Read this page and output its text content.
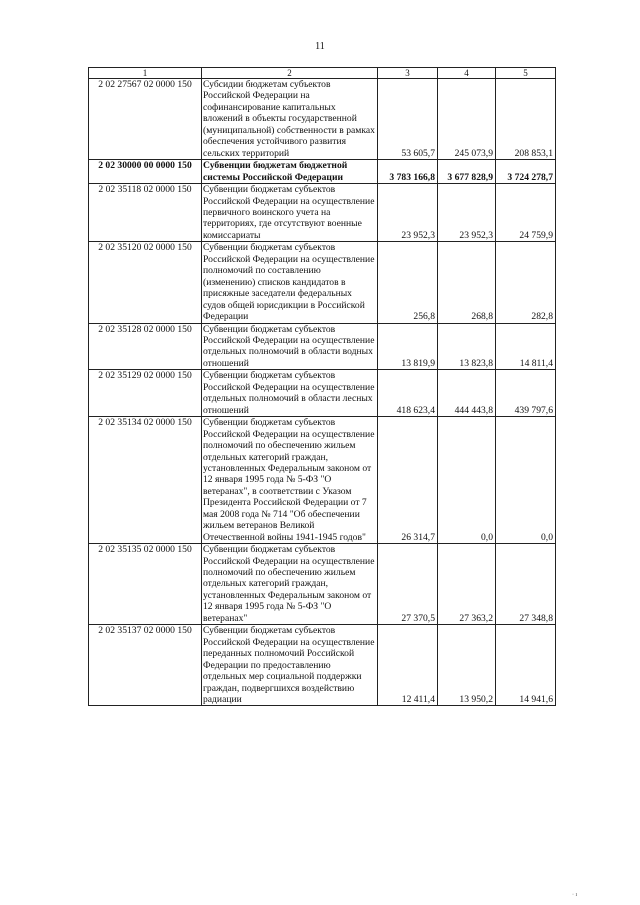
11
1	2	3	4	5
2 02 27567 02 0000 150	Субсидии бюджетам субъектов Российской Федерации на софинансирование капитальных вложений в объекты государственной (муниципальной) собственности в рамках обеспечения устойчивого развития сельских территорий	53 605,7	245 073,9	208 853,1
2 02 30000 00 0000 150	Субвенции бюджетам бюджетной системы Российской Федерации	3 783 166,8	3 677 828,9	3 724 278,7
2 02 35118 02 0000 150	Субвенции бюджетам субъектов Российской Федерации на осуществление первичного воинского учета на территориях, где отсутствуют военные комиссариаты	23 952,3	23 952,3	24 759,9
2 02 35120 02 0000 150	Субвенции бюджетам субъектов Российской Федерации на осуществление полномочий по составлению (изменению) списков кандидатов в присяжные заседатели федеральных судов общей юрисдикции в Российской Федерации	256,8	268,8	282,8
2 02 35128 02 0000 150	Субвенции бюджетам субъектов Российской Федерации на осуществление отдельных полномочий в области водных отношений	13 819,9	13 823,8	14 811,4
2 02 35129 02 0000 150	Субвенции бюджетам субъектов Российской Федерации на осуществление отдельных полномочий в области лесных отношений	418 623,4	444 443,8	439 797,6
2 02 35134 02 0000 150	Субвенции бюджетам субъектов Российской Федерации на осуществление полномочий по обеспечению жильем отдельных категорий граждан, установленных Федеральным законом от 12 января 1995 года № 5-ФЗ "О ветеранах", в соответствии с Указом Президента Российской Федерации от 7 мая 2008 года № 714 "Об обеспечении жильем ветеранов Великой Отечественной войны 1941-1945 годов"	26 314,7	0,0	0,0
2 02 35135 02 0000 150	Субвенции бюджетам субъектов Российской Федерации на осуществление полномочий по обеспечению жильем отдельных категорий граждан, установленных Федеральным законом от 12 января 1995 года № 5-ФЗ "О ветеранах"	27 370,5	27 363,2	27 348,8
2 02 35137 02 0000 150	Субвенции бюджетам субъектов Российской Федерации на осуществление переданных полномочий Российской Федерации по предоставлению отдельных мер социальной поддержки граждан, подвергшихся воздействию радиации	12 411,4	13 950,2	14 941,6
· ı
